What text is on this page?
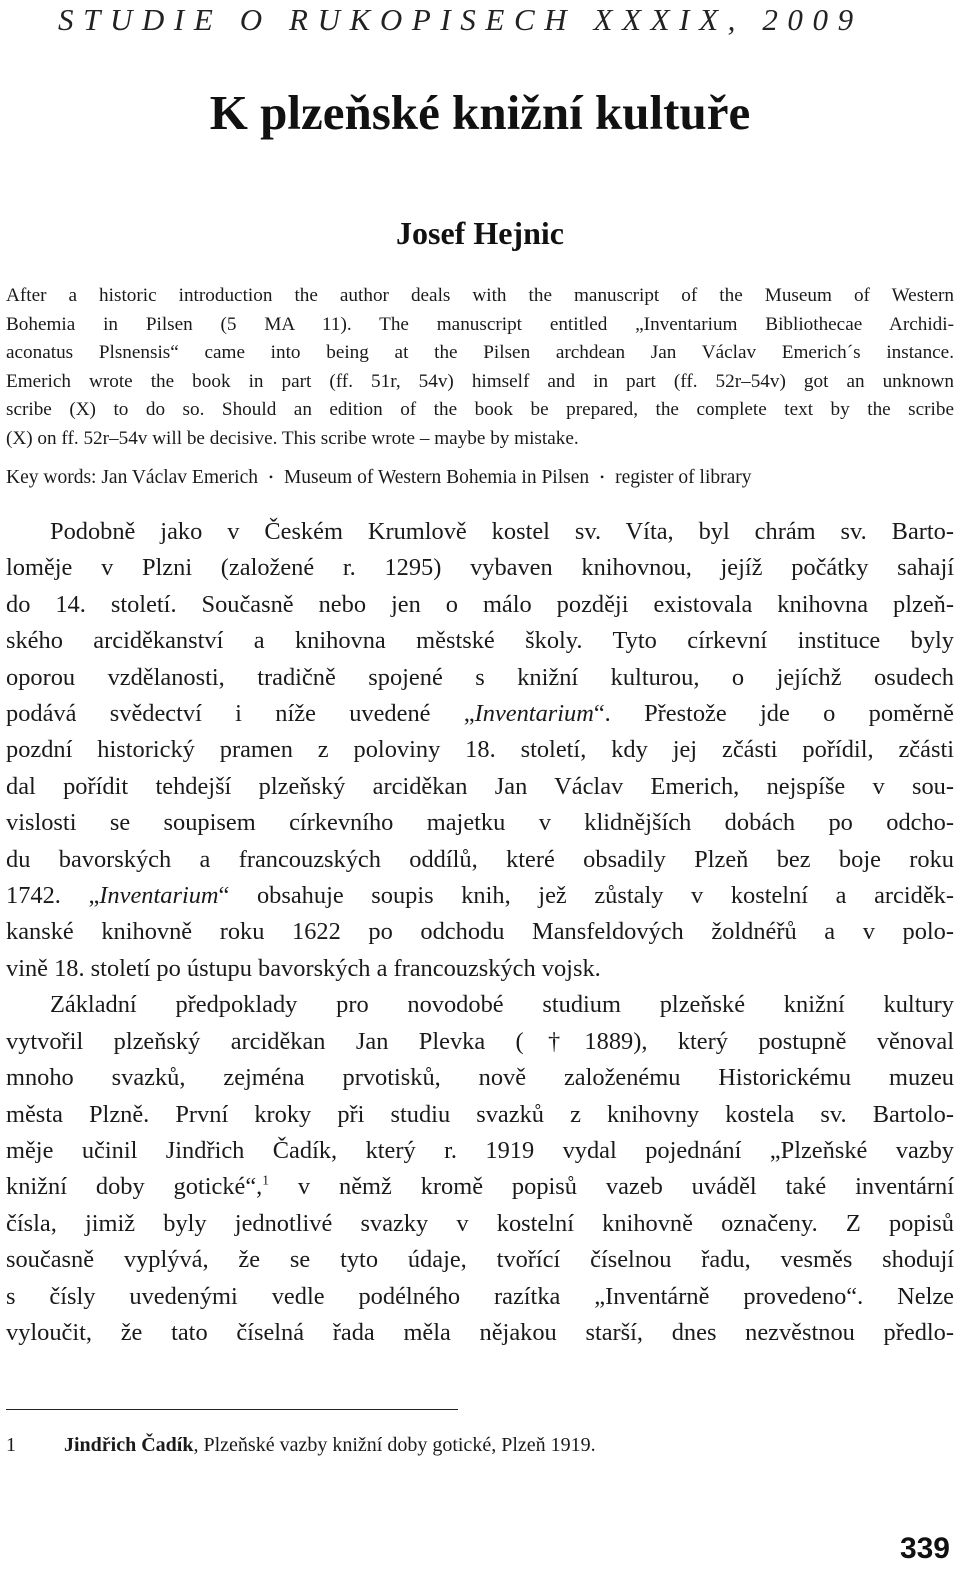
STUDIE O RUKOPISECH XXXIX, 2009
K plzeňské knižní kultuře
Josef Hejnic
After a historic introduction the author deals with the manuscript of the Museum of Western
Bohemia in Pilsen (5 MA 11). The manuscript entitled „Inventarium Bibliothecae Archidi-
aconatus Plsnensis“ came into being at the Pilsen archdean Jan Václav Emerich´s instance.
Emerich wrote the book in part (ff. 51r, 54v) himself and in part (ff. 52r–54v) got an unknown
scribe (X) to do so. Should an edition of the book be prepared, the complete text by the scribe
(X) on ff. 52r–54v will be decisive. This scribe wrote – maybe by mistake.
Key words: Jan Václav Emerich • Museum of Western Bohemia in Pilsen • register of library
Podobně jako v Českém Krumlově kostel sv. Víta, byl chrám sv. Barto-
loměje v Plzni (založené r. 1295) vybaven knihovnou, jejíž počátky sahají
do 14. století. Současně nebo jen o málo později existovala knihovna plzeň-
ského arciděkanství a knihovna městské školy. Tyto církevní instituce byly
oporou vzdělanosti, tradičně spojené s knižní kulturou, o jejíchž osudech
podává svědectví i níže uvedené „Inventarium“. Přestože jde o poměrně
pozdní historický pramen z poloviny 18. století, kdy jej zčásti pořídil, zčásti
dal pořídit tehdejší plzeňský arciděkan Jan Václav Emerich, nejspíše v sou-
vislosti se soupisem církevního majetku v klidnějších dobách po odcho-
du bavorských a francouzských oddílů, které obsadily Plzeň bez boje roku
1742. „Inventarium“ obsahuje soupis knih, jež zůstaly v kostelní a arciděk-
kanské knihovně roku 1622 po odchodu Mansfeldových žoldnéřů a v polo-
vině 18. století po ústupu bavorských a francouzských vojsk.
Základní předpoklady pro novodobé studium plzeňské knižní kultury
vytvořil plzeňský arciděkan Jan Plevka (†1889), který postupně věnoval
mnoho svazků, zejména prvotisků, nově založenému Historickému muzeu
města Plzně. První kroky při studiu svazků z knihovny kostela sv. Bartolo-
měje učinil Jindřich Čadík, který r. 1919 vydal pojednání „Plzeňské vazby
knižní doby gotické“,$^1$ v němž kromě popisů vazeb uváděl také inventární
čísla, jimiž byly jednotlivé svazky v kostelní knihovně označeny. Z popisů
současně vyplývá, že se tyto údaje, tvořící číselnou řadu, vesměs shodují
s čísly uvedenými vedle podélného razítka „Inventárně provedeno“. Nelze
vyloučit, že tato číselná řada měla nějakou starší, dnes nezvěstnou předlo-
1 Jindřich Čadík, Plzeňské vazby knižní doby gotické, Plzeň 1919.
339
